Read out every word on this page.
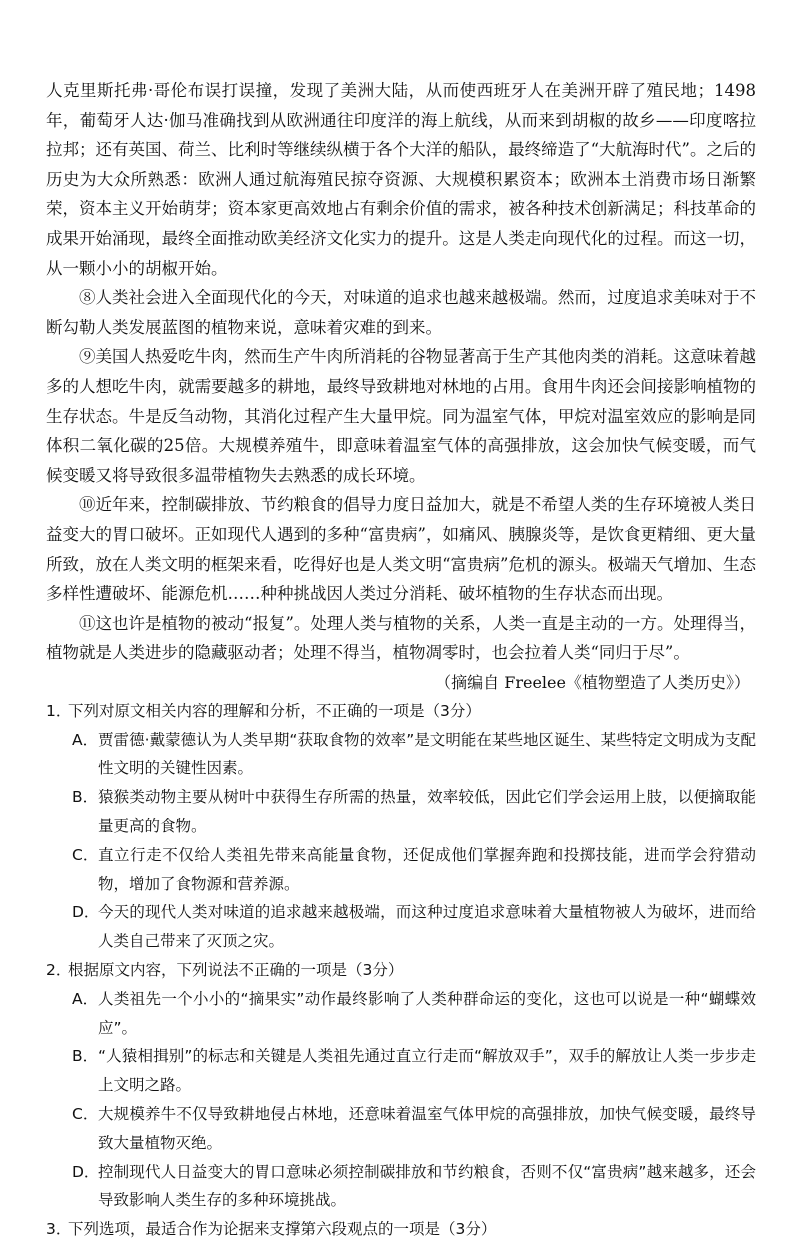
人克里斯托弗·哥伦布误打误撞，发现了美洲大陆，从而使西班牙人在美洲开辟了殖民地；1498年，葡萄牙人达·伽马准确找到从欧洲通往印度洋的海上航线，从而来到胡椒的故乡——印度喀拉拉邦；还有英国、荷兰、比利时等继续纵横于各个大洋的船队，最终缔造了“大航海时代”。之后的历史为大众所熟悉：欧洲人通过航海殖民掠夺资源、大规模积累资本；欧洲本土消费市场日渐繁荣，资本主义开始萌芽；资本家更高效地占有剩余价值的需求，被各种技术创新满足；科技革命的成果开始涌现，最终全面推动欧美经济文化实力的提升。这是人类走向现代化的过程。而这一切，从一颗小小的胡椒开始。

⑧人类社会进入全面现代化的今天，对味道的追求也越来越极端。然而，过度追求美味对于不断勾勒人类发展蓝图的植物来说，意味着灾难的到来。

⑨美国人热爱吃牛肉，然而生产牛肉所消耗的谷物显著高于生产其他肉类的消耗。这意味着越多的人想吃牛肉，就需要越多的耕地，最终导致耕地对林地的占用。食用牛肉还会间接影响植物的生存状态。牛是反刍动物，其消化过程产生大量甲烷。同为温室气体，甲烷对温室效应的影响是同体积二氧化碳的25倍。大规模养殖牛，即意味着温室气体的高强排放，这会加快气候变暖，而气候变暖又将导致很多温带植物失去熟悉的成长环境。

⑩近年来，控制碳排放、节约粮食的倡导力度日益加大，就是不希望人类的生存环境被人类日益变大的胃口破坏。正如现代人遇到的多种“富贵病”，如痛风、胰腺炎等，是饮食更精细、更大量所致，放在人类文明的框架来看，吃得好也是人类文明“富贵病”危机的源头。极端天气增加、生态多样性遭破坏、能源危机……种种挑战因人类过分消耗、破坏植物的生存状态而出现。

⑪这也许是植物的被动“报复”。处理人类与植物的关系，人类一直是主动的一方。处理得当，植物就是人类进步的隐藏驱动者；处理不得当，植物凋零时，也会拉着人类“同归于尽”。

（摘编自 Freelee《植物塑造了人类历史》）

1．下列对原文相关内容的理解和分析，不正确的一项是（3分）

A． 贾雷德·戴蒙德认为人类早期“获取食物的效率”是文明能在某些地区诞生、某些特定文明成为支配性文明的关键性因素。

B． 猿猴类动物主要从树叶中获得生存所需的热量，效率较低，因此它们学会运用上肢，以便摘取能量更高的食物。

C． 直立行走不仅给人类祖先带来高能量食物，还促成他们掌握奔跑和投掷技能，进而学会狩猎动物，增加了食物源和营养源。

D．
今天的现代人类对味道的追求越来越极端，而这种过度追求意味着大量植物被人为破坏，进而给人类自己带来了灭顶之灾。

2．根据原文内容，下列说法不正确的一项是（3分）

A． 人类祖先一个小小的“摘果实”动作最终影响了人类种群命运的变化，这也可以说是一种“蝴蝶效应”。

B． “人猿相揖别”的标志和关键是人类祖先通过直立行走而“解放双手”，双手的解放让人类一步步走上文明之路。

C． 大规模养牛不仅导致耕地侵占林地，还意味着温室气体甲烷的高强排放，加快气候变暖，最终导致大量植物灭绝。

D．
控制现代人日益变大的胃口意味必须控制碳排放和节约粮食，否则不仅“富贵病”越来越多，还会导致影响人类生存的多种环境挑战。

3．下列选项，最适合作为论据来支撑第六段观点的一项是（3分）
